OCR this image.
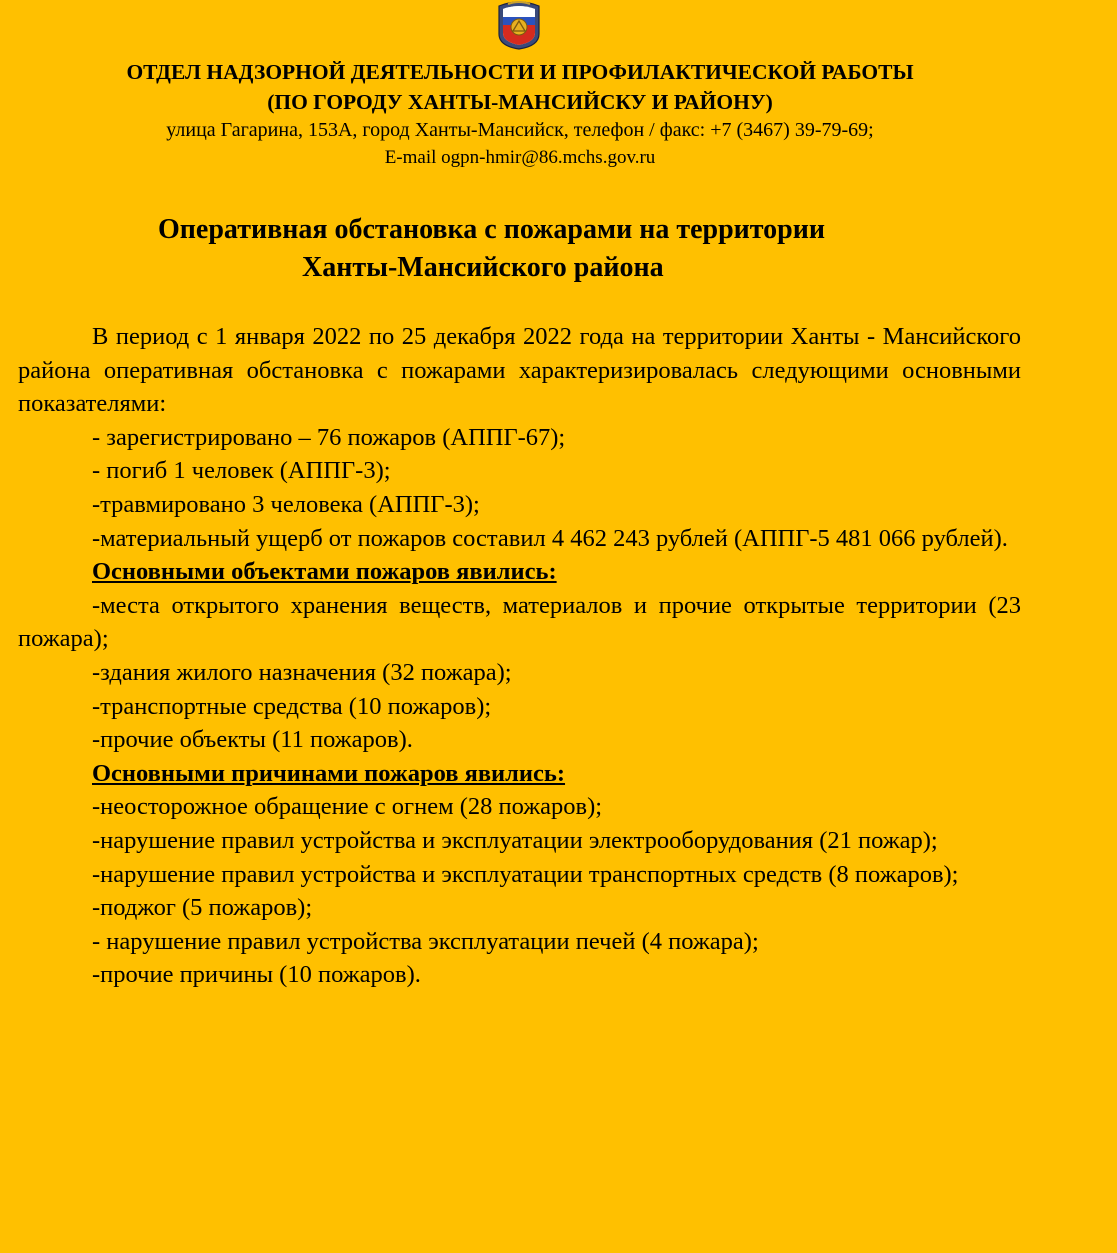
ОТДЕЛ НАДЗОРНОЙ ДЕЯТЕЛЬНОСТИ И ПРОФИЛАКТИЧЕСКОЙ РАБОТЫ
(ПО ГОРОДУ ХАНТЫ-МАНСИЙСКУ И РАЙОНУ)
улица Гагарина, 153А, город Ханты-Мансийск, телефон / факс: +7 (3467) 39-79-69;
E-mail ogpn-hmir@86.mchs.gov.ru
Оперативная обстановка с пожарами на территории
Ханты-Мансийского района

В период с 1 января 2022 по 25 декабря 2022 года на территории Ханты - Мансийского района оперативная обстановка с пожарами характеризировалась следующими основными показателями:

- зарегистрировано – 76 пожаров (АППГ-67);

- погиб 1 человек (АППГ-3);

-травмировано 3 человека (АППГ-3);

-материальный ущерб от пожаров составил 4 462 243 рублей (АППГ-5 481 066 рублей).

Основными объектами пожаров явились:

-места открытого хранения веществ, материалов и прочие открытые территории (23 пожара);

-здания жилого назначения (32 пожара);

-транспортные средства (10 пожаров);

-прочие объекты (11 пожаров).

Основными причинами пожаров явились:

-неосторожное обращение с огнем (28 пожаров);

-нарушение правил устройства и эксплуатации электрооборудования (21 пожар);

-нарушение правил устройства и эксплуатации транспортных средств (8 пожаров);

-поджог (5 пожаров);

- нарушение правил устройства эксплуатации печей (4 пожара);

-прочие причины (10 пожаров).
